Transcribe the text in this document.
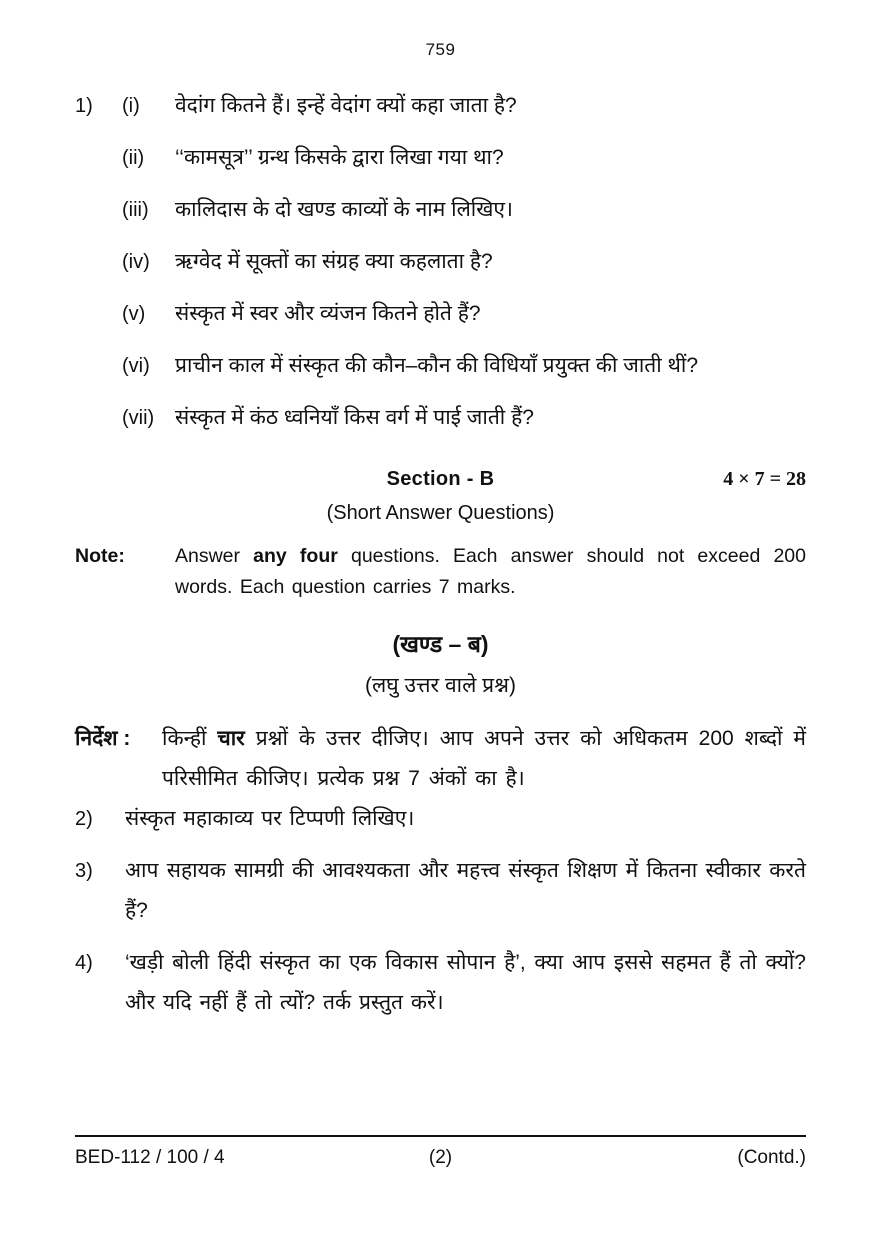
759
1)	(i)	वेदांग कितने हैं। इन्हें वेदांग क्यों कहा जाता है?
(ii)	‘‘कामसूत्र’’ ग्रन्थ किसके द्वारा लिखा गया था?
(iii)	कालिदास के दो खण्ड काव्यों के नाम लिखिए।
(iv)	ऋग्वेद में सूक्तों का संग्रह क्या कहलाता है?
(v)	संस्कृत में स्वर और व्यंजन कितने होते हैं?
(vi)	प्राचीन काल में संस्कृत की कौन–कौन की विधियाँ प्रयुक्त की जाती थीं?
(vii) संस्कृत में कंठ ध्वनियाँ किस वर्ग में पाई जाती हैं?
Section - B	4 × 7 = 28
(Short Answer Questions)
Note:	Answer any four questions. Each answer should not exceed 200 words. Each question carries 7 marks.
(खण्ड – ब)
(लघु उत्तर वाले प्रश्न)
निर्देश :	किन्हीं चार प्रश्नों के उत्तर दीजिए। आप अपने उत्तर को अधिकतम 200 शब्दों में परिसीमित कीजिए। प्रत्येक प्रश्न 7 अंकों का है।
2)	संस्कृत महाकाव्य पर टिप्पणी लिखिए।
3)	आप सहायक सामग्री की आवश्यकता और महत्त्व संस्कृत शिक्षण में कितना स्वीकार करते हैं?
4)	‘खड़ी बोली हिंदी संस्कृत का एक विकास सोपान है’, क्या आप इससे सहमत हैं तो क्यों? और यदि नहीं हैं तो त्यों? तर्क प्रस्तुत करें।
BED-112 / 100 / 4	(2)	(Contd.)
